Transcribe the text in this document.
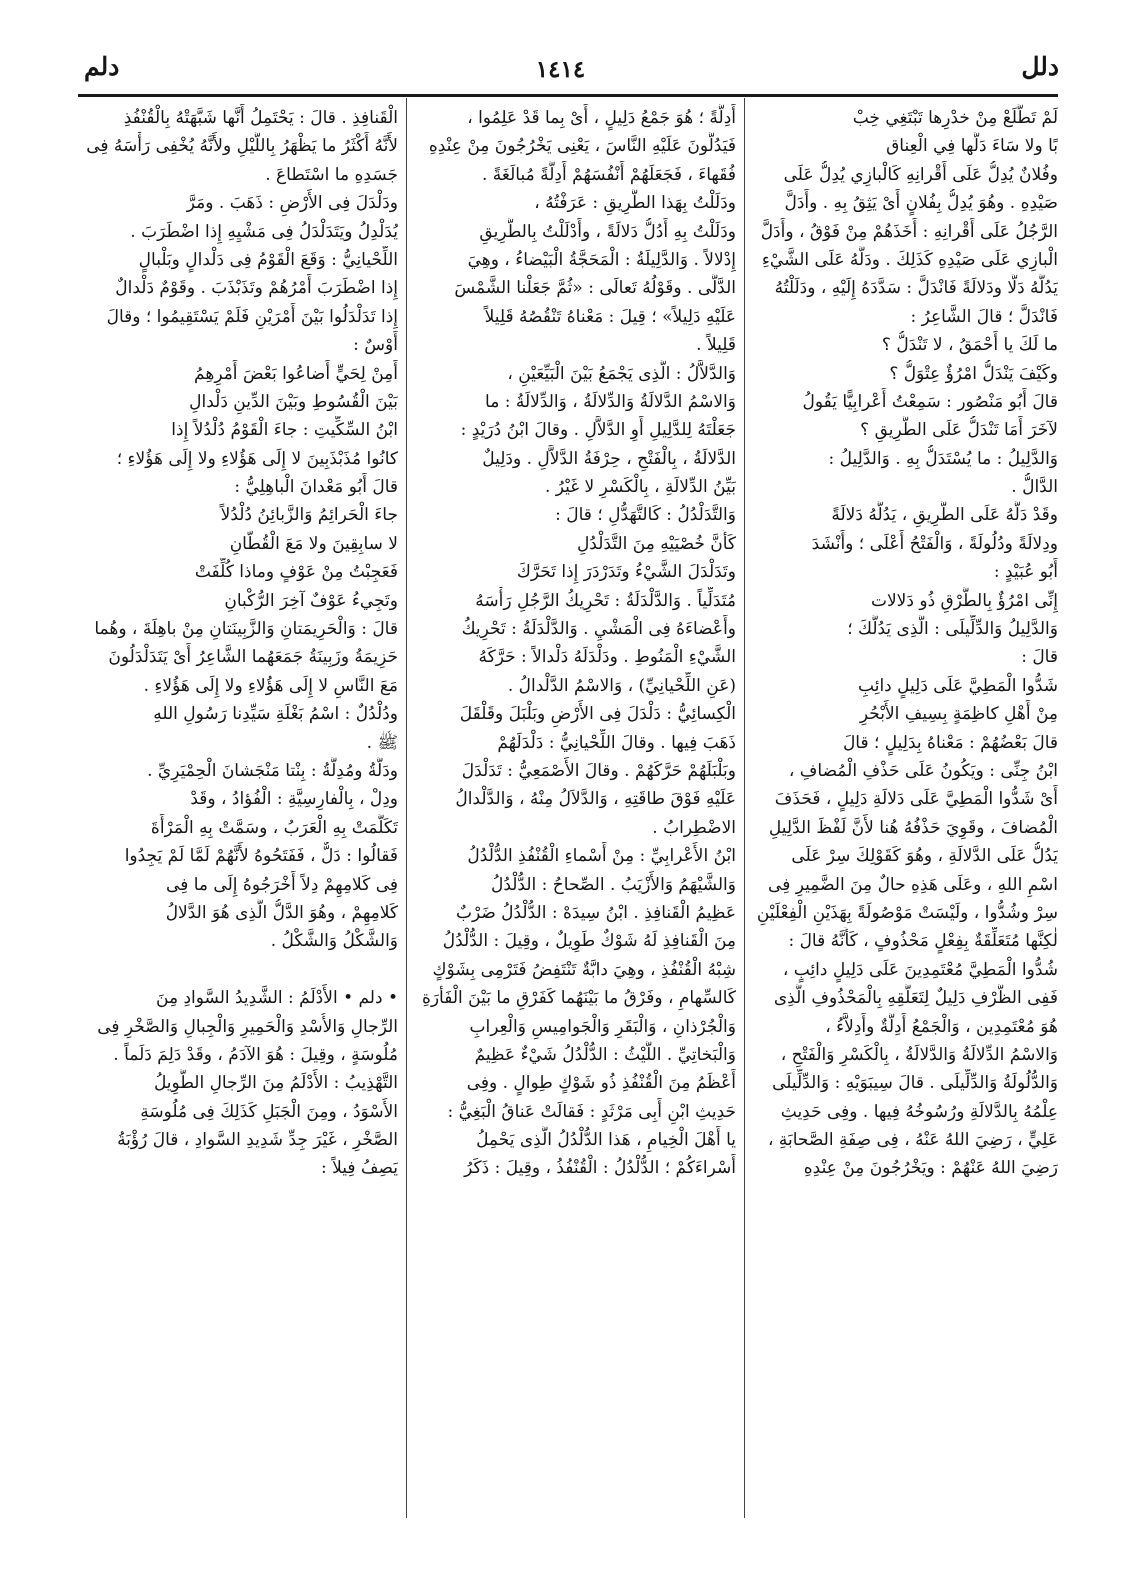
دلل
١٤١٤
دلم
لَمْ تَطَّلَعْ مِنْ خدْرِها تَبْتَغِي خِبْ
بًا ولا سَاءَ دَلُّها فِي الْعِناق
وفُلانٌ يُدِلُّ عَلَى أَقْرانِهِ كَالْبازِي يُدِلُّ عَلَى
صَيْدِهِ . وهُوَ يُدِلُّ بِفُلانٍ أَىْ يَثِقُ بِهِ . وأَدَلَّ
الرَّجُلُ عَلَى أَقْرانِهِ : أَخَذَهُمْ مِنْ فَوْقُ ، وأَدَلَّ
الْبازِي عَلَى صَيْدِهِ كَذَلِكَ . ودَلَّهُ عَلَى الشَّيْءِ
يَدُلُّهُ دَلًّا ودَلالَةً فَانْدَلَّ : سَدَّدَهُ إِلَيْهِ ، ودَلَلْتُهُ
فَانْدَلَّ ؛ قالَ الشَّاعِرُ :
ما لَكَ يا أَحْمَقُ ، لا تَنْدَلُّ ؟
وكَيْفَ يَنْدَلُّ امْرُؤٌ عِتْوَلُّ ؟
قالَ أَبُو مَنْصُور : سَمِعْتُ أَعْرابِيًّا يَقُولُ
لآخَرَ أَمَا تَنْدَلُّ عَلَى الطَّرِيقِ ؟
وَالدَّلِيلُ : ما يُسْتَدَلُّ بِهِ . وَالدَّلِيلُ :
الدَّالُّ .
وقَدْ دَلَّهُ عَلَى الطَّرِيقِ ، يَدُلُّهُ دَلالَةً
ودِلالَةً ودُلُولَةً ، وَالْفَتْحُ أَعْلَى ؛ وأَنْشَدَ
أَبُو عُبَيْدٍ :
إِنِّى امْرُؤٌ بِالطُّرْقِ ذُو دَلالات
وَالدَّلِيلُ وَالدِّلِّيلَى : الَّذِى يَدُلُّكَ ؛
قالَ :
شَدُّوا الْمَطِيَّ عَلَى دَلِيلٍ دائِبِ
مِنْ أَهْلِ كاظِمَةٍ بِسِيفِ الأَبْحُرِ
قالَ بَعْضُهُمْ : مَعْناهُ بِدَلِيلٍ ؛ قالَ
ابْنُ جِنِّى : ويَكُونُ عَلَى حَذْفِ الْمُضافِ ،
أَىْ شَدُّوا الْمَطِيَّ عَلَى دَلالَةِ دَلِيلٍ ، فَحَذَفَ
الْمُضافَ ، وقَوِيَ حَذْفُهُ هُنا لأَنَّ لَفْظَ الدَّلِيلِ
يَدُلُّ عَلَى الدَّلالَةِ ، وهُوَ كَقَوْلِكَ سِرْ عَلَى
اسْمِ اللهِ ، وعَلَى هَذِهِ حالٌ مِنَ الضَّمِيرِ فِى
سِرْ وشُدُّوا ، ولَيْسَتْ مَوْصُولَةً بِهَذَيْنِ الْفِعْلَيْنِ
لٰكِنَّها مُتَعَلِّقَةٌ بِفِعْلٍ مَحْذُوفٍ ، كَأَنَّهُ قالَ :
شُدُّوا الْمَطِيَّ مُعْتَمِدِينَ عَلَى دَلِيلٍ دائِبٍ ،
فَفِى الظَّرْفِ دَلِيلٌ لِتَعَلُّقِهِ بِالْمَحْذُوفِ الَّذِى
هُوَ مُعْتَمِدِين ، وَالْجَمْعُ أَدِلَّةٌ وأَدِلاَّءُ ،
وَالاسْمُ الدِّلالَةُ وَالدَّلالَةُ ، بِالْكَسْرِ وَالْفَتْحِ ،
وَالدُّلُولَةُ وَالدِّلِّيلَى . قالَ سِيبَوَيْهِ : وَالدِّلِّيلَى
عِلْمُهُ بِالدَّلالَةِ ورُسُوخُهُ فِيها . وفِى حَدِيثِ
عَلِيٍّ ، رَضِيَ اللهُ عَنْهُ ، فِى صِفَةِ الصَّحابَةِ ،
رَضِيَ اللهُ عَنْهُمْ : ويَخْرُجُونَ مِنْ عِنْدِهِ
أَدِلَّةً ؛ هُوَ جَمْعُ دَلِيلٍ ، أَىْ بِما قَدْ عَلِمُوا ،
فَيَدُلُّونَ عَلَيْهِ النَّاسَ ، يَعْنِى يَخْرُجُونَ مِنْ عِنْدِهِ
فُقَهاءَ ، فَجَعَلَهُمْ أَنْفُسَهُمْ أَدِلَّةً مُبالَغَةً .
ودَلَلْتُ بِهَذا الطَّرِيقِ : عَرَفْتُهُ ،
ودَلَلْتُ بِهِ أَدُلُّ دَلالَةً ، وأَدْلَلْتُ بِالطَّرِيقِ
إِدْلالاً . وَالدَّلِيلَةُ : الْمَحَجَّةُ الْبَيْضاءُ ، وهِيَ
الدَّلَّى . وقَوْلُهُ تَعالَى : «ثُمَّ جَعَلْنا الشَّمْسَ
عَلَيْهِ دَلِيلاً» ؛ قِيلَ : مَعْناهُ تَنْقُصُهُ قَلِيلاً
قَلِيلاً .
وَالدَّلاَّلُ : الَّذِى يَجْمَعُ بَيْنَ الْبَيِّعَيْنِ ،
وَالاسْمُ الدَّلالَةُ وَالدِّلالَةُ ، وَالدِّلالَةُ : ما
جَعَلْتَهُ لِلدَّلِيلِ أَوِ الدَّلاَّلِ . وقالَ ابْنُ دُرَيْدٍ :
الدَّلالَةُ ، بِالْفَتْحِ ، حِرْفَةُ الدَّلاَّلِ . ودَلِيلٌ
بَيِّنُ الدِّلالَةِ ، بِالْكَسْرِ لا غَيْرُ .
وَالتَّدَلْدُلُ : كَالتَّهَدُّلِ ؛ قالَ :
كَأَنَّ خُصْيَيْهِ مِنَ التَّدَلْدُلِ
وتَدَلْدَلَ الشَّيْءُ وتَدَرْدَرَ إِذا تَحَرَّكَ
مُتَدَلِّياً . وَالدَّلْدَلَةُ : تَحْرِيكُ الرَّجُلِ رَأْسَهُ
وأَعْضاءَهُ فِى الْمَشْيِ . وَالدَّلْدَلَةُ : تَحْرِيكُ
الشَّيْءِ الْمَنُوطِ . ودَلْدَلَهُ دَلْدالاً : حَرَّكَهُ
(عَنِ اللِّحْيانِيِّ) ، وَالاسْمُ الدَّلْدالُ .
الْكِسائِيُّ : دَلْدَلَ فِى الأَرْضِ وبَلْبَلَ وقَلْقَلَ
ذَهَبَ فِيها . وقالَ اللِّحْيانِيُّ : دَلْدَلَهُمْ
وبَلْبَلَهُمْ حَرَّكَهُمْ . وقالَ الأَصْمَعِيُّ : تَدَلْدَلَ
عَلَيْهِ فَوْقَ طاقَتِهِ ، وَالدَّلاَلُ مِنْهُ ، وَالدَّلْدالُ
الاضْطِرابُ .
ابْنُ الأَعْرابِيِّ : مِنْ أَسْماءِ الْقُنْفُذِ الدُّلْدُلُ
وَالشَّيْهَمُ وَالأَزْيَبُ . الصِّحاحُ : الدُّلْدُلُ
عَظِيمُ الْقَنافِذِ . ابْنُ سِيدَهْ : الدُّلْدُلُ ضَرْبٌ
مِنَ الْقَنافِذِ لَهُ شَوْكٌ طَوِيلٌ ، وقِيلَ : الدُّلْدُلُ
شِبْهُ الْقُنْفُذِ ، وهِيَ دابَّةٌ تَنْتَفِضُ فَتَرْمِى بِشَوْكٍ
كَالسِّهامِ ، وفَرْقُ ما بَيْنَهُما كَفَرْقِ ما بَيْنَ الْفَأْرَةِ
وَالْجُرْذانِ ، وَالْبَقَرِ وَالْجَوامِيسِ وَالْعِرابِ
وَالْبَخاتِيِّ . اللَّيْثُ : الدُّلْدُلُ شَيْءٌ عَظِيمٌ
أَعْظَمُ مِنَ الْقُنْفُذِ ذُو شَوْكٍ طِوالٍ . وفِى
حَدِيثِ ابْنِ أَبِى مَرْثَدٍ : فَقالَتْ عَناقُ الْبَغِيُّ :
يا أَهْلَ الْخِيامِ ، هَذا الدُّلْدُلُ الَّذِى يَحْمِلُ
أَسْراءَكُمْ ؛ الدُّلْدُلُ : الْقُنْفُذُ ، وقِيلَ : ذَكَرُ
الْقَنافِذِ . قالَ : يَحْتَمِلُ أَنَّها شَبَّهَتْهُ بِالْقُنْفُذِ
لأَنَّهُ أَكْثَرُ ما يَظْهَرُ بِاللَّيْلِ ولأَنَّهُ يُخْفِى رَأْسَهُ فِى
جَسَدِهِ ما اسْتَطاعَ .
ودَلْدَلَ فِى الأَرْضِ : ذَهَبَ . ومَرَّ
يُدَلْدِلُ ويَتَدَلْدَلُ فِى مَشْيِهِ إِذا اضْطَرَبَ .
اللِّحْيانِيُّ : وَقَعَ الْقَوْمُ فِى دَلْدالٍ وبَلْبالٍ
إِذا اضْطَرَبَ أَمْرُهُمْ وتَذَبْذَبَ . وقَوْمٌ دَلْدالٌ
إِذا تَدَلْدَلُوا بَيْنَ أَمْرَيْنِ فَلَمْ يَسْتَقِيمُوا ؛ وقالَ
أَوْسٌ :
أَمِنْ لِحَيٍّ أَضاعُوا بَعْضَ أَمْرِهِمُ
بَيْنَ الْقُسُوطِ وبَيْنَ الدِّينِ دَلْدالِ
ابْنُ السِّكِّيتِ : جاءَ الْقَوْمُ دُلْدُلاً إِذا
كانُوا مُذَبْذَبِينَ لا إِلَى هَؤُلاءِ ولا إِلَى هَؤُلاءِ ؛
قالَ أَبُو مَعْدانَ الْباهِلِيُّ :
جاءَ الْحَرائِمُ وَالزَّبائِنُ دُلْدُلاً
لا سابِقِينَ ولا مَعَ الْقُطّانِ
فَعَجِبْتُ مِنْ عَوْفٍ وماذا كُلِّفَتْ
وتَجِيءُ عَوْفٌ آخِرَ الرُّكْبانِ
قالَ : وَالْحَرِيمَتانِ وَالزَّبِينَتانِ مِنْ باهِلَةَ ، وهُما
حَزِيمَةُ وزَبِينَةُ جَمَعَهُما الشَّاعِرُ أَىْ يَتَدَلْدَلُونَ
مَعَ النَّاسِ لا إِلَى هَؤُلاءِ ولا إِلَى هَؤُلاءِ .
ودُلْدُلٌ : اسْمُ بَغْلَةِ سَيِّدِنا رَسُولِ اللهِ
ﷺ .
ودَلَّةُ ومُدِلَّةُ : بِنْتا مَنْجَشانَ الْحِمْيَرِيِّ .
ودِلْ ، بِالْفارِسِيَّةِ : الْفُؤادُ ، وقَدْ
تَكَلَّمَتْ بِهِ الْعَرَبُ ، وسَمَّتْ بِهِ الْمَرْأَةَ
فَقالُوا : دَلٌّ ، فَفَتَحُوهُ لأَنَّهُمْ لَمَّا لَمْ يَجِدُوا
فِى كَلامِهِمْ دِلاً أَخْرَجُوهُ إِلَى ما فِى
كَلامِهِمْ ، وهُوَ الدَّلُّ الَّذِى هُوَ الدَّلالُ
وَالشَّكْلُ وَالشَّكْلُ .
• دلم • الأَدْلَمُ : الشَّدِيدُ السَّوادِ مِنَ
الرِّجالِ وَالأُسْدِ وَالْحَمِيرِ وَالْجِبالِ وَالصَّخْرِ فِى
مُلُوسَةٍ ، وقِيلَ : هُوَ الآدَمُ ، وقَدْ دَلِمَ دَلَماً .
التَّهْذِيبُ : الأَدْلَمُ مِنَ الرِّجالِ الطَّوِيلُ
الأَسْوَدُ ، ومِنَ الْجَبَلِ كَذَلِكَ فِى مُلُوسَةِ
الصَّخْرِ ، غَيْرَ جِدِّ شَدِيدِ السَّوادِ ، قالَ رُؤْبَةُ
يَصِفُ فِيلاً :
